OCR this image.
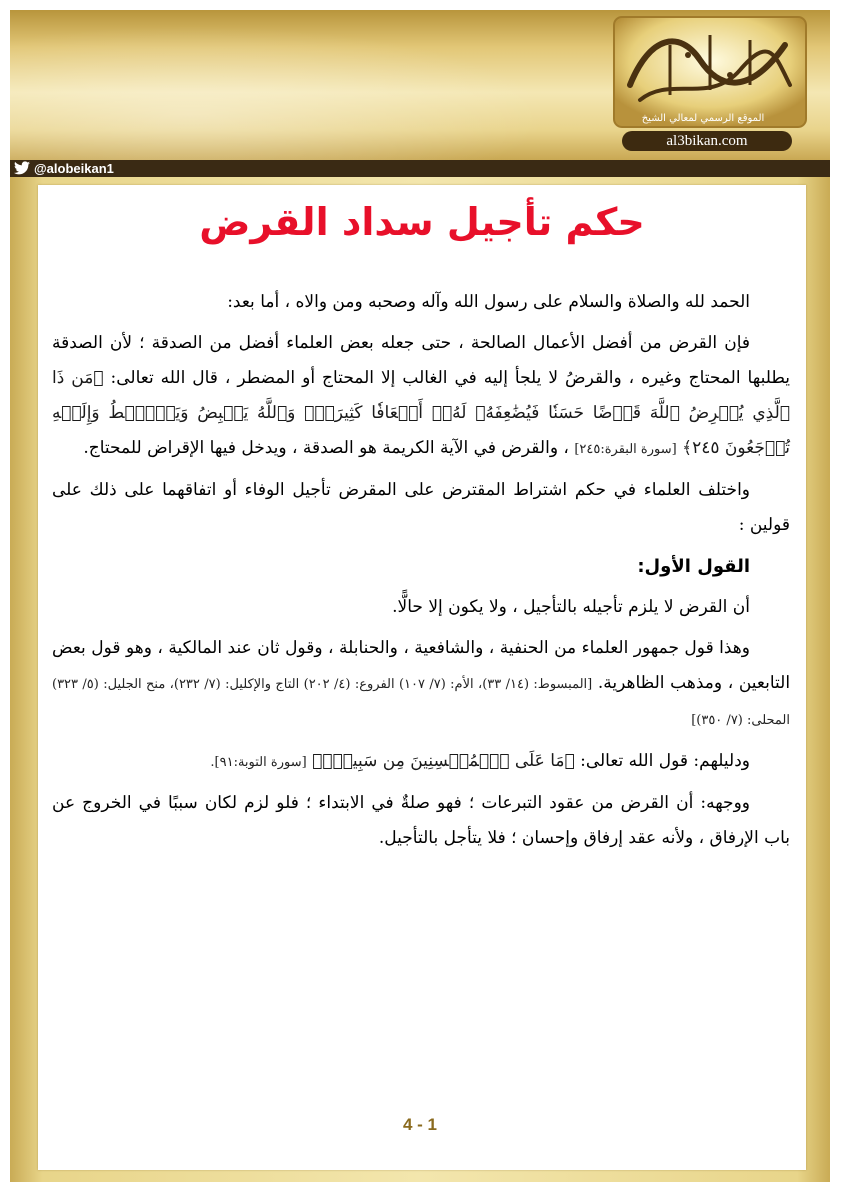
الموقع الرسمي لمعالي الشيخ
al3bikan.com
@alobeikan1
حكم تأجيل سداد القرض

الحمد لله والصلاة والسلام على رسول الله وآله وصحبه ومن والاه ، أما بعد:

فإن القرض من أفضل الأعمال الصالحة ، حتى جعله بعض العلماء أفضل من الصدقة ؛ لأن الصدقة يطلبها المحتاج وغيره ، والقرضُ لا يلجأ إليه في الغالب إلا المحتاج أو المضطر ، قال الله تعالى: ﴿مَن ذَا ٱلَّذِي يُقۡرِضُ ٱللَّهَ قَرۡضًا حَسَنٗا فَيُضَٰعِفَهُۥ لَهُۥٓ أَضۡعَافٗا كَثِيرَةٗۚ وَٱللَّهُ يَقۡبِضُ وَيَبۡصُۜطُ وَإِلَيۡهِ تُرۡجَعُونَ ٢٤٥﴾ [سورة البقرة:٢٤٥] ، والقرض في الآية الكريمة هو الصدقة ، ويدخل فيها الإقراض للمحتاج.

واختلف العلماء في حكم اشتراط المقترض على المقرض تأجيل الوفاء أو اتفاقهما على ذلك على قولين :

القول الأول:

أن القرض لا يلزم تأجيله بالتأجيل ، ولا يكون إلا حالًّا.

وهذا قول جمهور العلماء من الحنفية ، والشافعية ، والحنابلة ، وقول ثان عند المالكية ، وهو قول بعض التابعين ، ومذهب الظاهرية. [المبسوط: (١٤/ ٣٣)، الأم: (٧/ ١٠٧) الفروع: (٤/ ٢٠٢) التاج والإكليل: (٧/ ٢٣٢)، منح الجليل: (٥/ ٣٢٣) المحلى: (٧/ ٣٥٠)]

ودليلهم: قول الله تعالى: ﴿مَا عَلَى ٱلۡمُحۡسِنِينَ مِن سَبِيلٖۚ﴾ [سورة التوبة:٩١].

ووجهه: أن القرض من عقود التبرعات ؛ فهو صلةٌ في الابتداء ؛ فلو لزم لكان سببًا في الخروج عن باب الإرفاق ، ولأنه عقد إرفاق وإحسان ؛ فلا يتأجل بالتأجيل.

4 - 1
